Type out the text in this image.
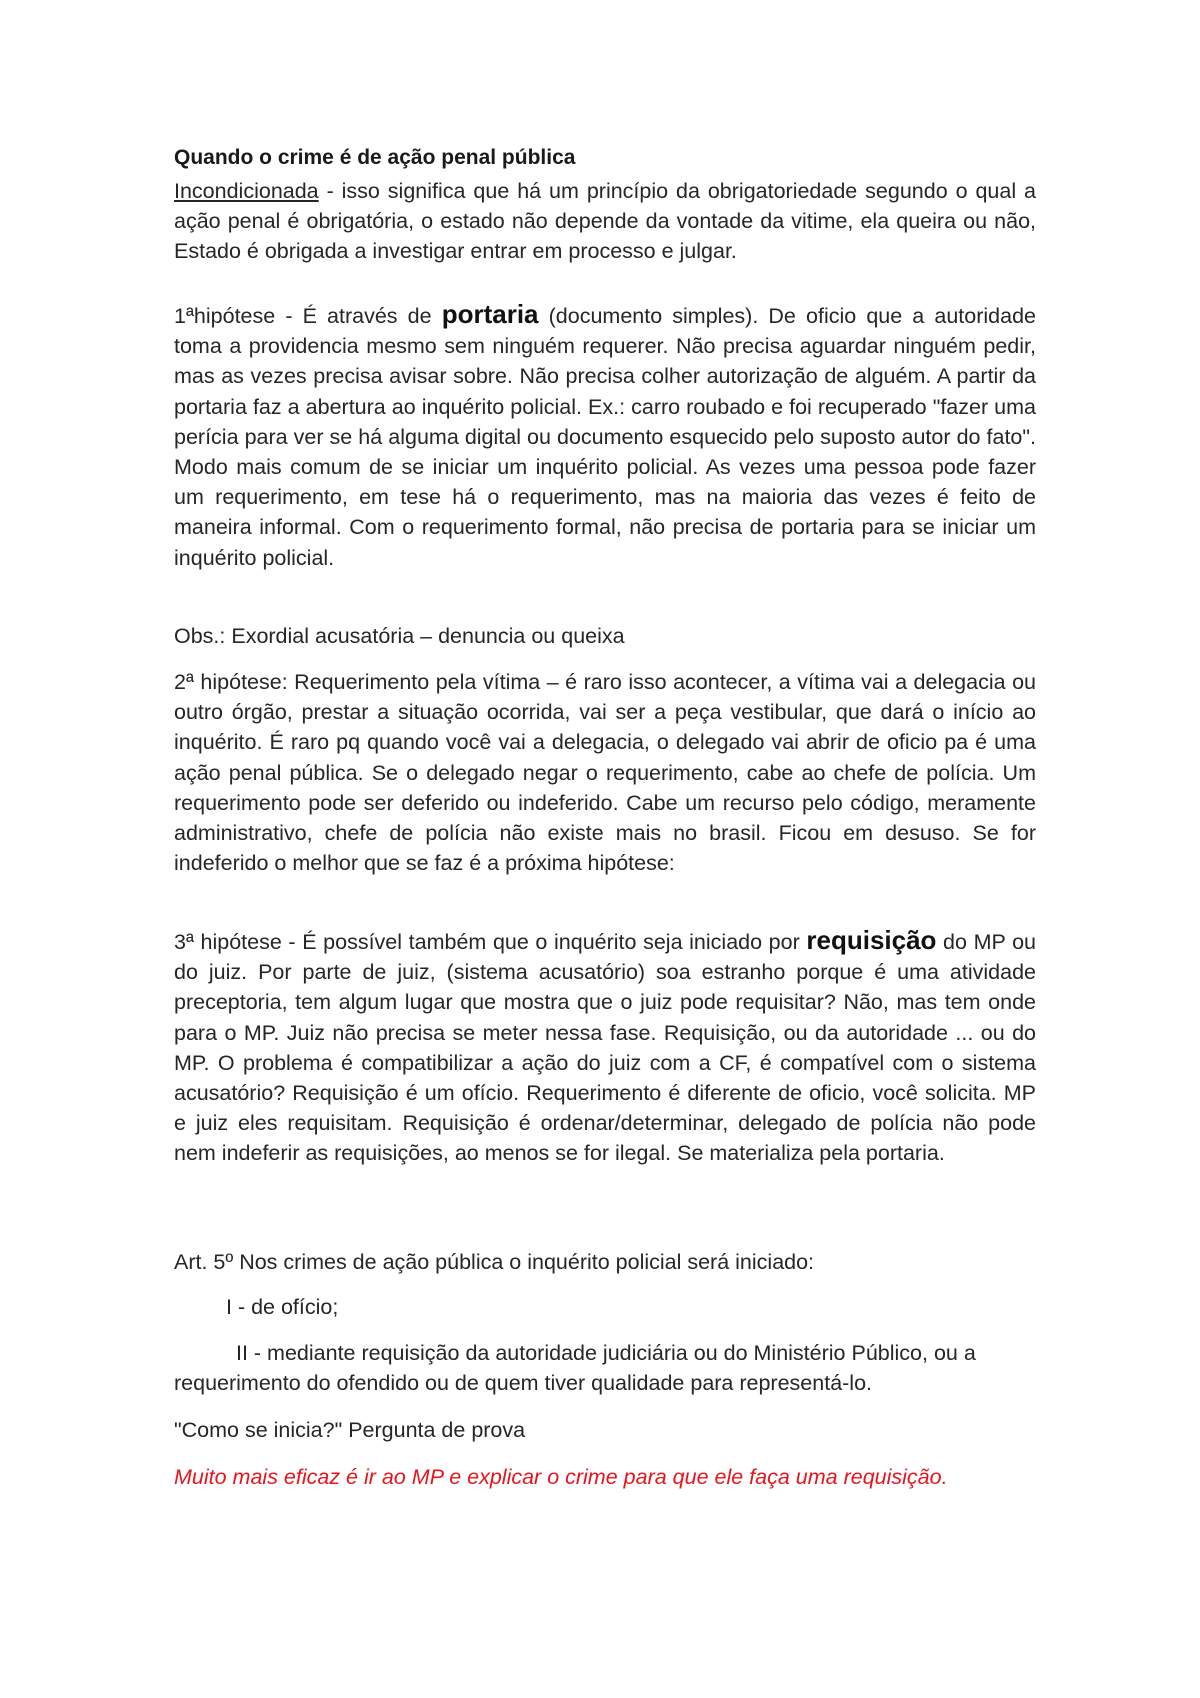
Quando o crime é de ação penal pública

Incondicionada - isso significa que há um princípio da obrigatoriedade segundo o qual a ação penal é obrigatória, o estado não depende da vontade da vitime, ela queira ou não, Estado é obrigada a investigar entrar em processo e julgar.

1ªhipótese - É através de portaria (documento simples). De oficio que a autoridade toma a providencia mesmo sem ninguém requerer. Não precisa aguardar ninguém pedir, mas as vezes precisa avisar sobre. Não precisa colher autorização de alguém. A partir da portaria faz a abertura ao inquérito policial. Ex.: carro roubado e foi recuperado "fazer uma perícia para ver se há alguma digital ou documento esquecido pelo suposto autor do fato". Modo mais comum de se iniciar um inquérito policial. As vezes uma pessoa pode fazer um requerimento, em tese há o requerimento, mas na maioria das vezes é feito de maneira informal. Com o requerimento formal, não precisa de portaria para se iniciar um inquérito policial.

Obs.: Exordial acusatória – denuncia ou queixa

2ª hipótese: Requerimento pela vítima – é raro isso acontecer, a vítima vai a delegacia ou outro órgão, prestar a situação ocorrida, vai ser a peça vestibular, que dará o início ao inquérito. É raro pq quando você vai a delegacia, o delegado vai abrir de oficio pa é uma ação penal pública. Se o delegado negar o requerimento, cabe ao chefe de polícia. Um requerimento pode ser deferido ou indeferido. Cabe um recurso pelo código, meramente administrativo, chefe de polícia não existe mais no brasil. Ficou em desuso. Se for indeferido o melhor que se faz é a próxima hipótese:

3ª hipótese - É possível também que o inquérito seja iniciado por requisição do MP ou do juiz. Por parte de juiz, (sistema acusatório) soa estranho porque é uma atividade preceptoria, tem algum lugar que mostra que o juiz pode requisitar? Não, mas tem onde para o MP. Juiz não precisa se meter nessa fase. Requisição, ou da autoridade ... ou do MP. O problema é compatibilizar a ação do juiz com a CF, é compatível com o sistema acusatório? Requisição é um ofício. Requerimento é diferente de oficio, você solicita. MP e juiz eles requisitam. Requisição é ordenar/determinar, delegado de polícia não pode nem indeferir as requisições, ao menos se for ilegal. Se materializa pela portaria.

Art. 5º Nos crimes de ação pública o inquérito policial será iniciado:

I - de ofício;

II - mediante requisição da autoridade judiciária ou do Ministério Público, ou a requerimento do ofendido ou de quem tiver qualidade para representá-lo.

"Como se inicia?" Pergunta de prova

Muito mais eficaz é ir ao MP e explicar o crime para que ele faça uma requisição.
